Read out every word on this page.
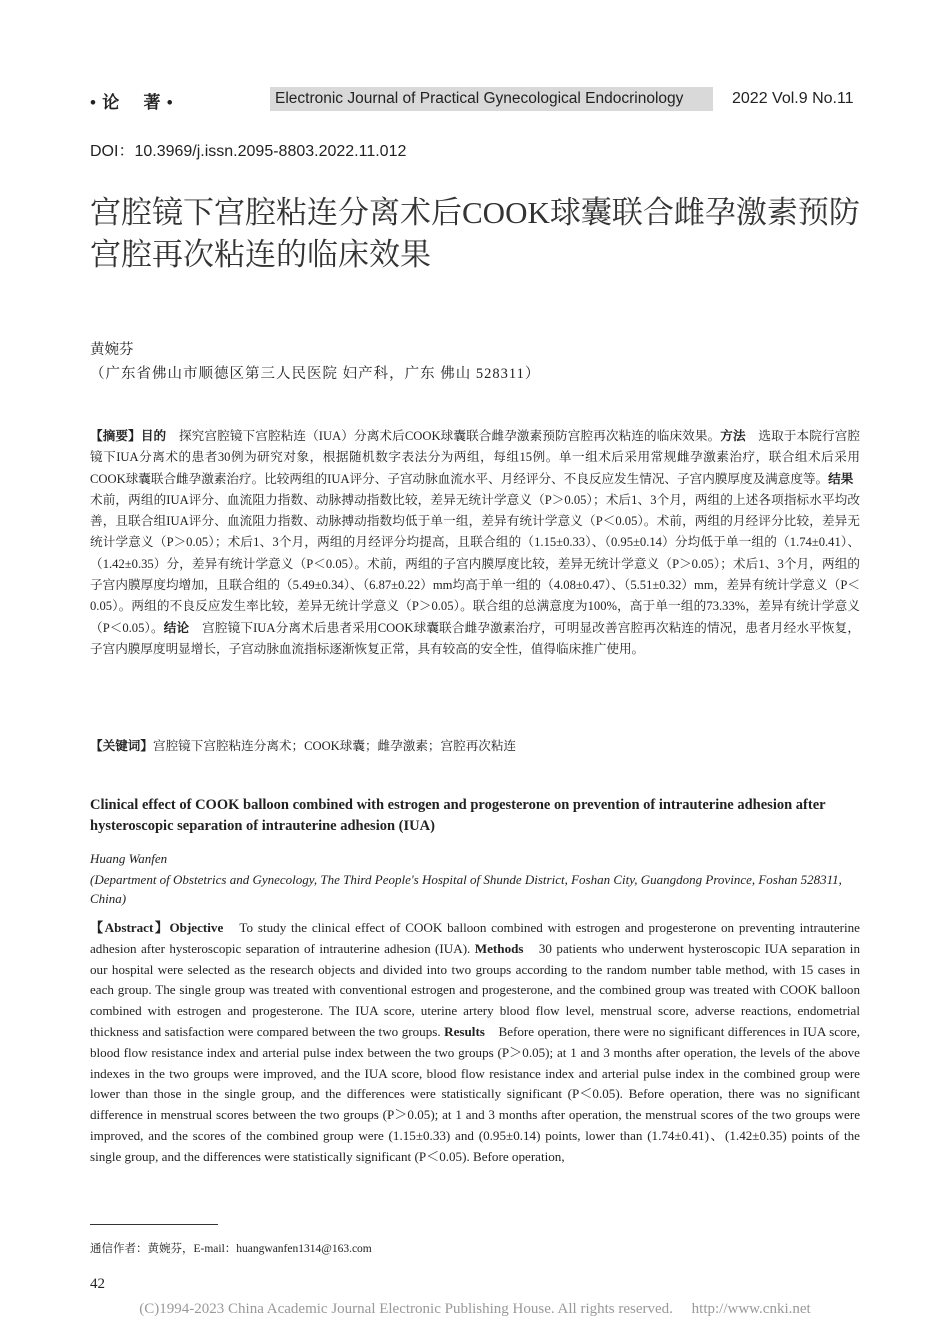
• 论　 著 •	Electronic Journal of Practical Gynecological Endocrinology	2022 Vol.9 No.11
DOI：10.3969/j.issn.2095-8803.2022.11.012
宫腔镜下宫腔粘连分离术后COOK球囊联合雌孕激素预防宫腔再次粘连的临床效果
黄婉芬
（广东省佛山市顺德区第三人民医院 妇产科，广东 佛山 528311）
【摘要】目的　探究宫腔镜下宫腔粘连（IUA）分离术后COOK球囊联合雌孕激素预防宫腔再次粘连的临床效果。方法　选取于本院行宫腔镜下IUA分离术的患者30例为研究对象，根据随机数字表法分为两组，每组15例。单一组术后采用常规雌孕激素治疗，联合组术后采用COOK球囊联合雌孕激素治疗。比较两组的IUA评分、子宫动脉血流水平、月经评分、不良反应发生情况、子宫内膜厚度及满意度等。结果　术前，两组的IUA评分、血流阻力指数、动脉搏动指数比较，差异无统计学意义（P＞0.05）；术后1、3个月，两组的上述各项指标水平均改善，且联合组IUA评分、血流阻力指数、动脉搏动指数均低于单一组，差异有统计学意义（P＜0.05）。术前，两组的月经评分比较，差异无统计学意义（P＞0.05）；术后1、3个月，两组的月经评分均提高，且联合组的（1.15±0.33）、（0.95±0.14）分均低于单一组的（1.74±0.41）、（1.42±0.35）分，差异有统计学意义（P＜0.05）。术前，两组的子宫内膜厚度比较，差异无统计学意义（P＞0.05）；术后1、3个月，两组的子宫内膜厚度均增加，且联合组的（5.49±0.34）、（6.87±0.22）mm均高于单一组的（4.08±0.47）、（5.51±0.32）mm，差异有统计学意义（P＜0.05）。两组的不良反应发生率比较，差异无统计学意义（P＞0.05）。联合组的总满意度为100%，高于单一组的73.33%，差异有统计学意义（P＜0.05）。结论　宫腔镜下IUA分离术后患者采用COOK球囊联合雌孕激素治疗，可明显改善宫腔再次粘连的情况，患者月经水平恢复，子宫内膜厚度明显增长，子宫动脉血流指标逐渐恢复正常，具有较高的安全性，值得临床推广使用。
【关键词】宫腔镜下宫腔粘连分离术；COOK球囊；雌孕激素；宫腔再次粘连
Clinical effect of COOK balloon combined with estrogen and progesterone on prevention of intrauterine adhesion after hysteroscopic separation of intrauterine adhesion (IUA)
Huang Wanfen
(Department of Obstetrics and Gynecology, The Third People's Hospital of Shunde District, Foshan City, Guangdong Province, Foshan 528311, China)
【Abstract】Objective　To study the clinical effect of COOK balloon combined with estrogen and progesterone on preventing intrauterine adhesion after hysteroscopic separation of intrauterine adhesion (IUA). Methods　30 patients who underwent hysteroscopic IUA separation in our hospital were selected as the research objects and divided into two groups according to the random number table method, with 15 cases in each group. The single group was treated with conventional estrogen and progesterone, and the combined group was treated with COOK balloon combined with estrogen and progesterone. The IUA score, uterine artery blood flow level, menstrual score, adverse reactions, endometrial thickness and satisfaction were compared between the two groups. Results　Before operation, there were no significant differences in IUA score, blood flow resistance index and arterial pulse index between the two groups (P＞0.05); at 1 and 3 months after operation, the levels of the above indexes in the two groups were improved, and the IUA score, blood flow resistance index and arterial pulse index in the combined group were lower than those in the single group, and the differences were statistically significant (P＜0.05). Before operation, there was no significant difference in menstrual scores between the two groups (P＞0.05); at 1 and 3 months after operation, the menstrual scores of the two groups were improved, and the scores of the combined group were (1.15±0.33) and (0.95±0.14) points, lower than (1.74±0.41)、(1.42±0.35) points of the single group, and the differences were statistically significant (P＜0.05). Before operation,
通信作者：黄婉芬，E-mail：huangwanfen1314@163.com
42
(C)1994-2023 China Academic Journal Electronic Publishing House. All rights reserved.　 http://www.cnki.net
